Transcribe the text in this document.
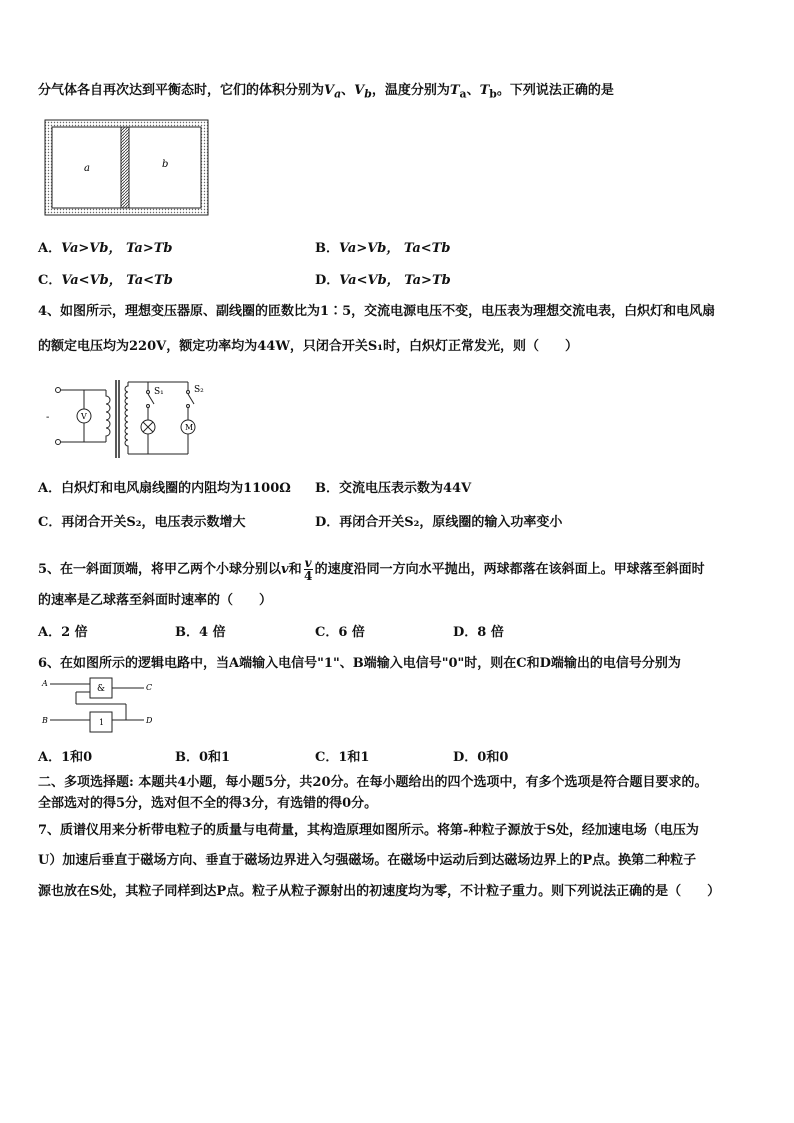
分气体各自再次达到平衡态时，它们的体积分别为$V_a$、$V_b$，温度分别为$T_a$、$T_b$。下列说法正确的是
a	b
A．Va>Vb， Ta>Tb	B．Va>Vb， Ta<Tb
C．Va<Vb， Ta<Tb	D．Va<Vb， Ta>Tb
4、如图所示，理想变压器原、副线圈的匝数比为1∶5，交流电源电压不变，电压表为理想交流电表，白炽灯和电风扇
的额定电压均为220V，额定功率均为44W，只闭合开关S₁时，白炽灯正常发光，则（　　）
-	V
M
S₁	S₂
A．白炽灯和电风扇线圈的内阻均为1100Ω B．交流电压表示数为44V
C．再闭合开关S₂，电压表示数增大	D．再闭合开关S₂，原线圈的输入功率变小
5、在一斜面顶端，将甲乙两个小球分别以v和 $\frac{v}{4}$ 的速度沿同一方向水平抛出，两球都落在该斜面上。甲球落至斜面时
的速率是乙球落至斜面时速率的（　　）
A．2 倍	B．4 倍	C．6 倍	D．8 倍
6、在如图所示的逻辑电路中，当A端输入电信号"1"、B端输入电信号"0"时，则在C和D端输出的电信号分别为
A
B
C
D
&
1
A．1和0	B．0和1	C．1和1	D．0和0
二、多项选择题: 本题共4小题，每小题5分，共20分。在每小题给出的四个选项中，有多个选项是符合题目要求的。
全部选对的得5分，选对但不全的得3分，有选错的得0分。
7、质谱仪用来分析带电粒子的质量与电荷量，其构造原理如图所示。将第-种粒子源放于S处，经加速电场（电压为
U）加速后垂直于磁场方向、垂直于磁场边界进入匀强磁场。在磁场中运动后到达磁场边界上的P点。换第二种粒子
源也放在S处，其粒子同样到达P点。粒子从粒子源射出的初速度均为零，不计粒子重力。则下列说法正确的是（　　）
